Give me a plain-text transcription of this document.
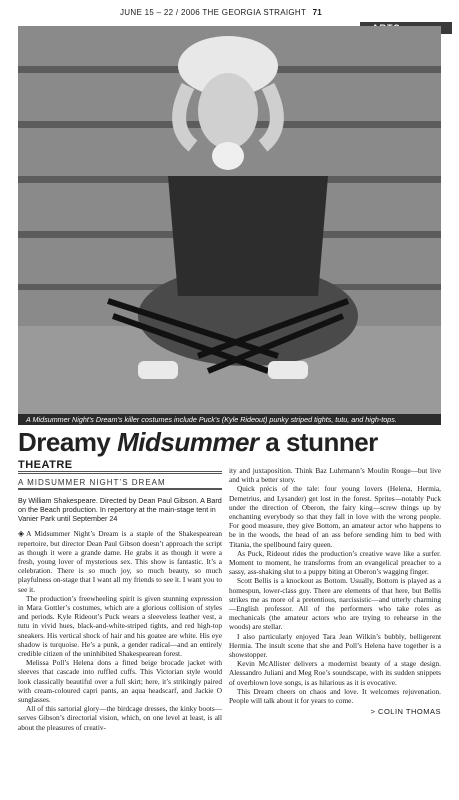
JUNE 15 – 22 / 2006 THE GEORGIA STRAIGHT 71
A Midsummer Night’s Dream’s killer costumes include Puck’s (Kyle Rideout) punky striped tights, tutu, and high-tops.
Dreamy Midsummer a stunner
THEATRE
A MIDSUMMER NIGHT’S DREAM
By William Shakespeare. Directed by Dean Paul Gibson. A Bard on the Beach production. In repertory at the main-stage tent in Vanier Park until September 24

◈ A Midsummer Night’s Dream is a staple of the Shakespearean repertoire, but director Dean Paul Gibson doesn’t approach the script as though it were a grande dame. He grabs it as though it were a fresh, young lover of mysterious sex. This show is fantastic. It’s a celebration. There is so much joy, so much beauty, so much playfulness on-stage that I want all my friends to see it. I want you to see it.

The production’s freewheeling spirit is given stunning expression in Mara Gottler’s costumes, which are a glorious collision of styles and periods. Kyle Rideout’s Puck wears a sleeveless leather vest, a tutu in vivid hues, black-and-white-striped tights, and red high-top sneakers. His vertical shock of hair and his goatee are white. His eye shadow is turquoise. He’s a punk, a gender radical—and an entirely credible citizen of the uninhibited Shakespearean forest.

Melissa Poll’s Helena dons a fitted beige brocade jacket with sleeves that cascade into ruffled cuffs. This Victorian style would look classically beautiful over a full skirt; here, it’s strikingly paired with cream-coloured capri pants, an aqua headscarf, and Jackie O sunglasses.

All of this sartorial glory—the birdcage dresses, the kinky boots—serves Gibson’s directorial vision, which, on one level at least, is all about the pleasures of creativ-

ity and juxtaposition. Think Baz Luhrmann’s Moulin Rouge—but live and with a better story.

Quick précis of the tale: four young lovers (Helena, Hermia, Demetrius, and Lysander) get lost in the forest. Sprites—notably Puck under the direction of Oberon, the fairy king—screw things up by enchanting everybody so that they fall in love with the wrong people. For good measure, they give Bottom, an amateur actor who happens to be in the woods, the head of an ass before sending him to bed with Titania, the spellbound fairy queen.

As Puck, Rideout rides the production’s creative wave like a surfer. Moment to moment, he transforms from an evangelical preacher to a sassy, ass-shaking slut to a puppy biting at Oberon’s wagging finger.

Scott Bellis is a knockout as Bottom. Usually, Bottom is played as a homespun, lower-class guy. There are elements of that here, but Bellis strikes me as more of a pretentious, narcissistic—and utterly charming—English professor. All of the performers who take roles as mechanicals (the amateur actors who are trying to rehearse in the woods) are stellar.

I also particularly enjoyed Tara Jean Wilkin’s bubbly, belligerent Hermia. The insult scene that she and Poll’s Helena have together is a showstopper.

Kevin McAllister delivers a modernist beauty of a stage design. Alessandro Juliani and Meg Roe’s soundscape, with its sudden snippets of overblown love songs, is as hilarious as it is evocative.

This Dream cheers on chaos and love. It welcomes rejuvenation. People will talk about it for years to come.

> COLIN THOMAS
